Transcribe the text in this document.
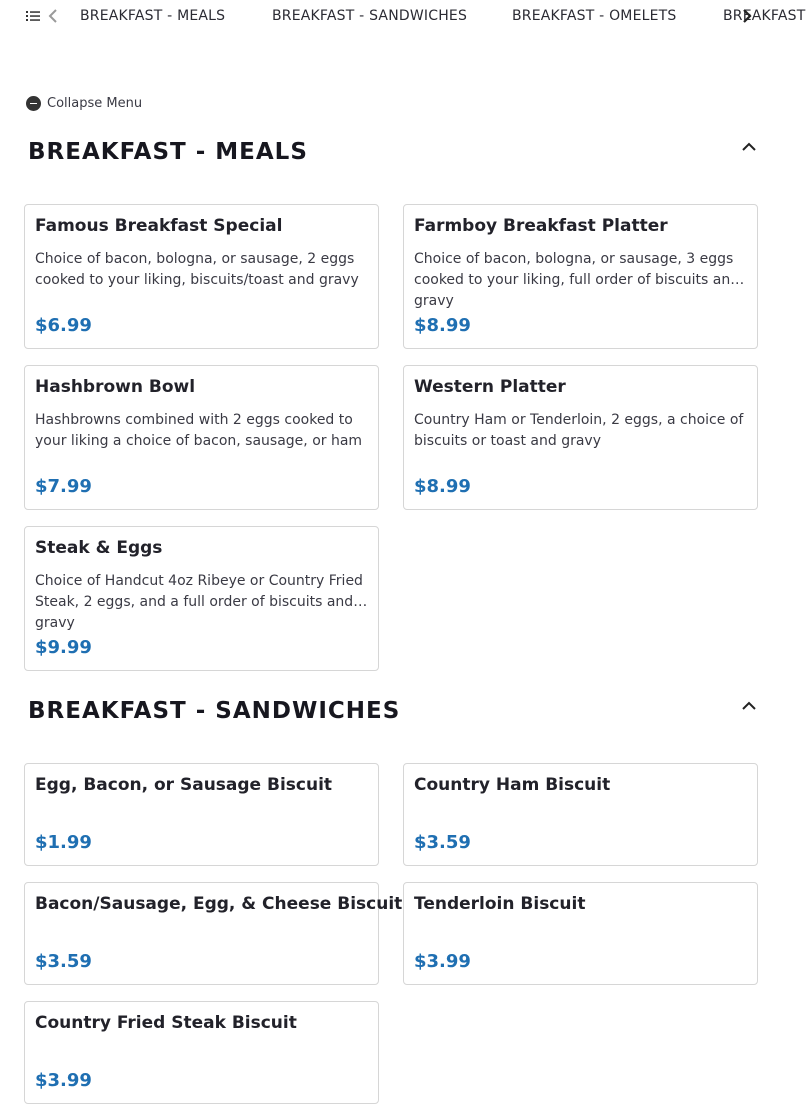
BREAKFAST - MEALS	BREAKFAST - SANDWICHES	BREAKFAST - OMELETS	BREAKFAST
Collapse Menu
BREAKFAST - MEALS
Famous Breakfast Special
Choice of bacon, bologna, or sausage, 2 eggs cooked to your liking, biscuits/toast and gravy
$6.99
Farmboy Breakfast Platter
Choice of bacon, bologna, or sausage, 3 eggs cooked to your liking, full order of biscuits and gravy
$8.99
Hashbrown Bowl
Hashbrowns combined with 2 eggs cooked to your liking a choice of bacon, sausage, or ham
$7.99
Western Platter
Country Ham or Tenderloin, 2 eggs, a choice of biscuits or toast and gravy
$8.99
Steak & Eggs
Choice of Handcut 4oz Ribeye or Country Fried Steak, 2 eggs, and a full order of biscuits and gravy
$9.99
BREAKFAST - SANDWICHES
Egg, Bacon, or Sausage Biscuit
$1.99
Country Ham Biscuit
$3.59
Bacon/Sausage, Egg, & Cheese Biscuit
$3.59
Tenderloin Biscuit
$3.99
Country Fried Steak Biscuit
$3.99
